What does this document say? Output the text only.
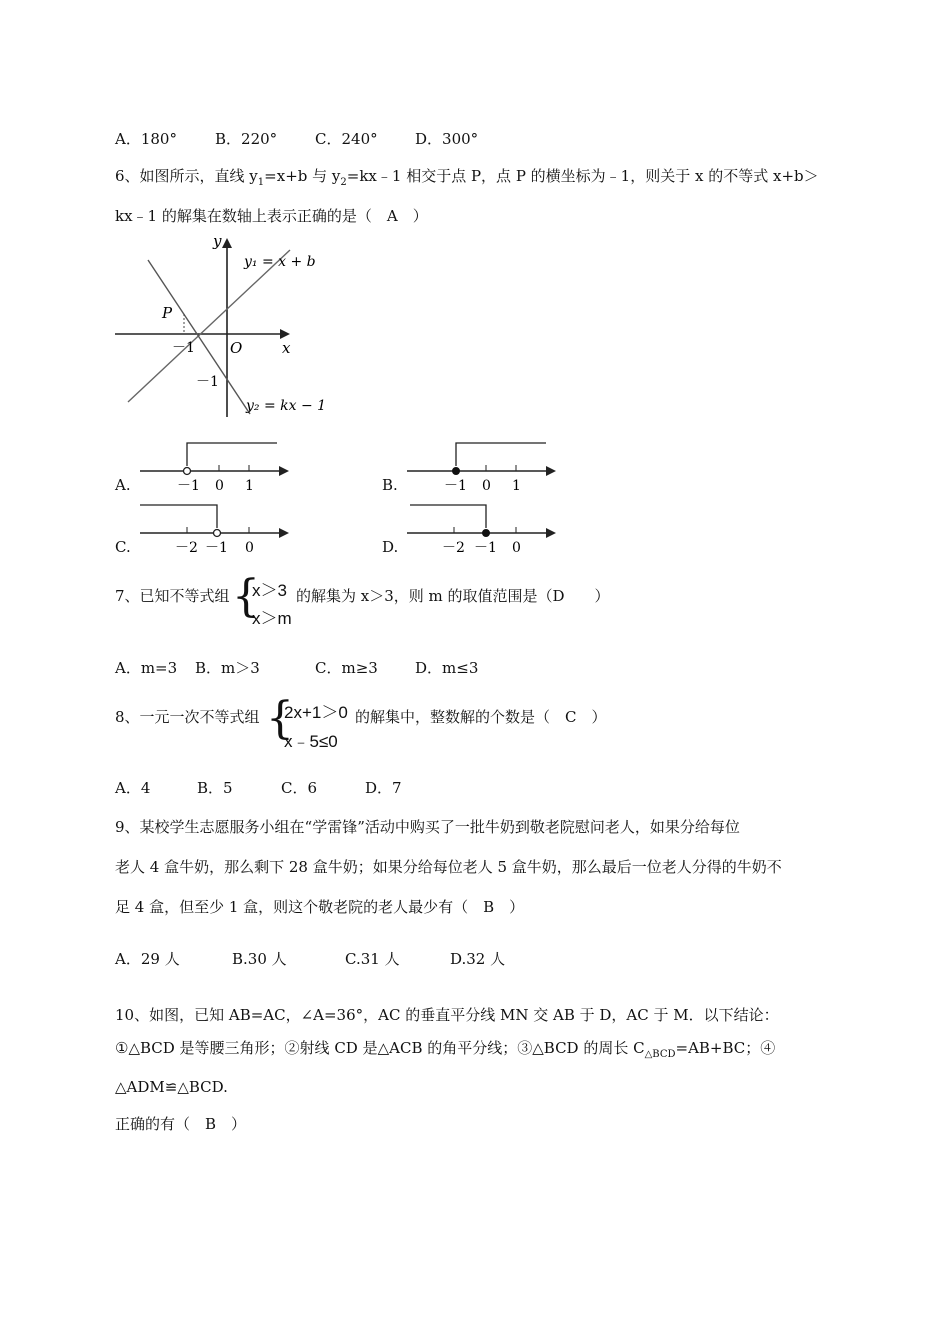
A．180°	B．220°	C．240° D．300°
6、如图所示，直线 $y_1=x+b$ 与 $y_2=kx﹣1$ 相交于点 P，点 P 的横坐标为﹣1，则关于 x 的不等式 x+b＞
kx﹣1 的解集在数轴上表示正确的是（　A　）
y
x
O
P
－1
－1
y₁ = x + b
y₂ = kx − 1
A.	－1 0 1	B.	－1 0 1
C.	－2 －1 0	D.	－2 －1 0
7、已知不等式组 {
x＞3
x＞m
的解集为 x＞3，则 m 的取值范围是（D　　）
A．m=3 B．m＞3	C．m≥3 D．m≤3
8、一元一次不等式组 {
2x+1＞0
x﹣5≤0
的解集中，整数解的个数是（　C　）
A．4	B．5	C．6	D．7
9、某校学生志愿服务小组在“学雷锋”活动中购买了一批牛奶到敬老院慰问老人，如果分给每位
老人 4 盒牛奶，那么剩下 28 盒牛奶；如果分给每位老人 5 盒牛奶，那么最后一位老人分得的牛奶不
足 4 盒，但至少 1 盒，则这个敬老院的老人最少有（　B　）
A．29 人	B.30 人	C.31 人	D.32 人
10、如图，已知 AB=AC，∠A=36°，AC 的垂直平分线 MN 交 AB 于 D，AC 于 M．以下结论：
①△BCD 是等腰三角形；②射线 CD 是△ACB 的角平分线；③△BCD 的周长 $C_{\triangle BCD}=AB+BC$；④
△ADM≌△BCD.
正确的有（　B　）
